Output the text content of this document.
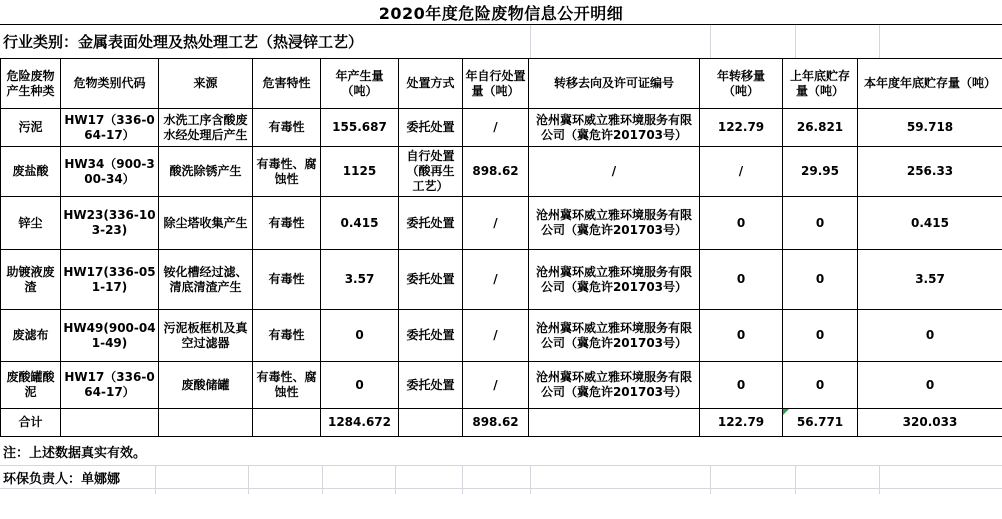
2020年度危险废物信息公开明细
行业类别：金属表面处理及热处理工艺（热浸锌工艺）
危险废物产生种类	危物类别代码	来源	危害特性	年产生量（吨）	处置方式	年自行处置量（吨）	转移去向及许可证编号	年转移量（吨）	上年底贮存量（吨）	本年度年底贮存量（吨）
污泥	HW17（336-064-17）	水洗工序含酸废水经处理后产生	有毒性	155.687	委托处置	/	沧州冀环威立雅环境服务有限公司（冀危许201703号）	122.79	26.821	59.718
废盐酸	HW34（900-300-34）	酸洗除锈产生	有毒性、腐蚀性	1125	自行处置（酸再生工艺）	898.62	/	/	29.95	256.33
锌尘	HW23(336-103-23)	除尘塔收集产生	有毒性	0.415	委托处置	/	沧州冀环威立雅环境服务有限公司（冀危许201703号）	0	0	0.415
助镀液废渣	HW17(336-051-17)	铵化槽经过滤、清底清渣产生	有毒性	3.57	委托处置	/	沧州冀环威立雅环境服务有限公司（冀危许201703号）	0	0	3.57
废滤布	HW49(900-041-49)	污泥板框机及真空过滤器	有毒性	0	委托处置	/	沧州冀环威立雅环境服务有限公司（冀危许201703号）	0	0	0
废酸罐酸泥	HW17（336-064-17）	废酸储罐	有毒性、腐蚀性	0	委托处置	/	沧州冀环威立雅环境服务有限公司（冀危许201703号）	0	0	0
合计				1284.672		898.62		122.79	56.771	320.033
注：上述数据真实有效。
环保负责人：单娜娜
